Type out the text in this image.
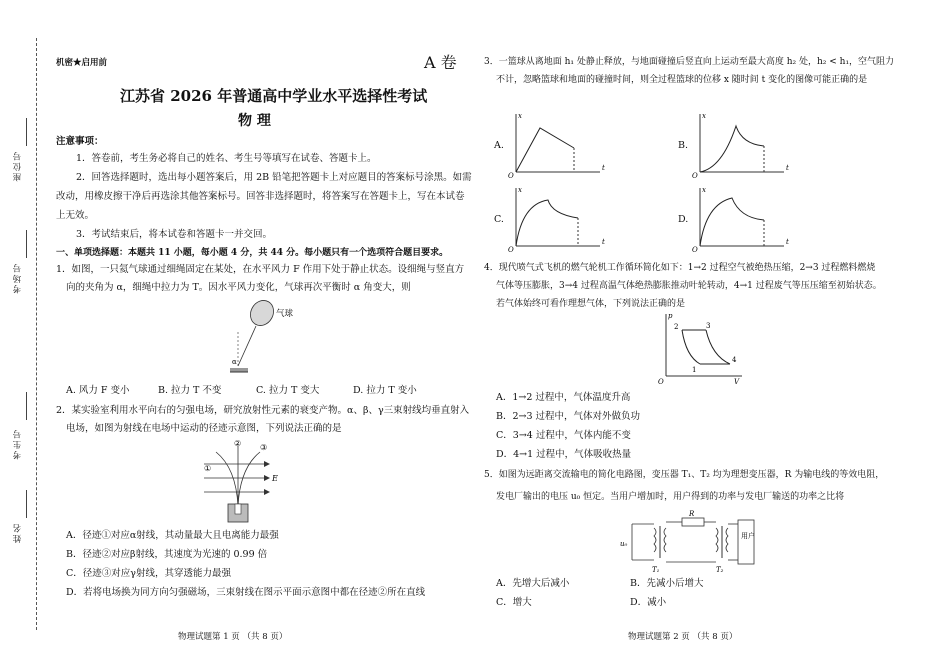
座位号
考场号
考生号
姓名
机密★启用前	A 卷
江苏省 2026 年普通高中学业水平选择性考试
物 理
注意事项：
1．答卷前，考生务必将自己的姓名、考生号等填写在试卷、答题卡上。
2．回答选择题时，选出每小题答案后，用 2B 铅笔把答题卡上对应题目的答案标号涂黑。如需
改动，用橡皮擦干净后再选涂其他答案标号。回答非选择题时，将答案写在答题卡上，写在本试卷
上无效。
3．考试结束后，将本试卷和答题卡一并交回。
一、单项选择题：本题共 11 小题，每小题 4 分，共 44 分。每小题只有一个选项符合题目要求。
1．如图，一只氦气球通过细绳固定在某处，在水平风力 F 作用下处于静止状态。设细绳与竖直方
向的夹角为 α，细绳中拉力为 T。因水平风力变化，气球再次平衡时 α 角变大，则
气球
α
A. 风力 F 变小	B. 拉力 T 不变	C. 拉力 T 变大	D. 拉力 T 变小
2．某实验室利用水平向右的匀强电场，研究放射性元素的衰变产物。α、β、γ三束射线均垂直射入
电场，如图为射线在电场中运动的径迹示意图，下列说法正确的是
E
①
② ③
A．径迹①对应α射线，其动量最大且电离能力最强
B．径迹②对应β射线，其速度为光速的 0.99 倍
C．径迹③对应γ射线，其穿透能力最强
D．若将电场换为同方向匀强磁场，三束射线在图示平面示意图中都在径迹②所在直线
物理试题第 1 页 （共 8 页）
3．一篮球从离地面 h₁ 处静止释放，与地面碰撞后竖直向上运动至最大高度 h₂ 处，h₂ < h₁，空气阻力
不计，忽略篮球和地面的碰撞时间，则全过程篮球的位移 x 随时间 t 变化的图像可能正确的是
A.
x
t
O
B.
x
t
O
C.
x
t
O
D.
x
t
O
4．现代喷气式飞机的燃气轮机工作循环简化如下：1→2 过程空气被绝热压缩，2→3 过程燃料燃烧
气体等压膨胀，3→4 过程高温气体绝热膨胀推动叶轮转动，4→1 过程废气等压压缩至初始状态。
若气体始终可看作理想气体，下列说法正确的是
p
V
O
2	3
1
4
A．1→2 过程中，气体温度升高
B．2→3 过程中，气体对外做负功
C．3→4 过程中，气体内能不变
D．4→1 过程中，气体吸收热量
5．如图为远距离交流输电的简化电路图，变压器 T₁、T₂ 均为理想变压器，R 为输电线的等效电阻，
发电厂输出的电压 u₀ 恒定。当用户增加时，用户得到的功率与发电厂输送的功率之比将
u₀
T₁
R
T₂
用户
A．先增大后减小	B．先减小后增大
C．增大	D．减小
物理试题第 2 页 （共 8 页）
